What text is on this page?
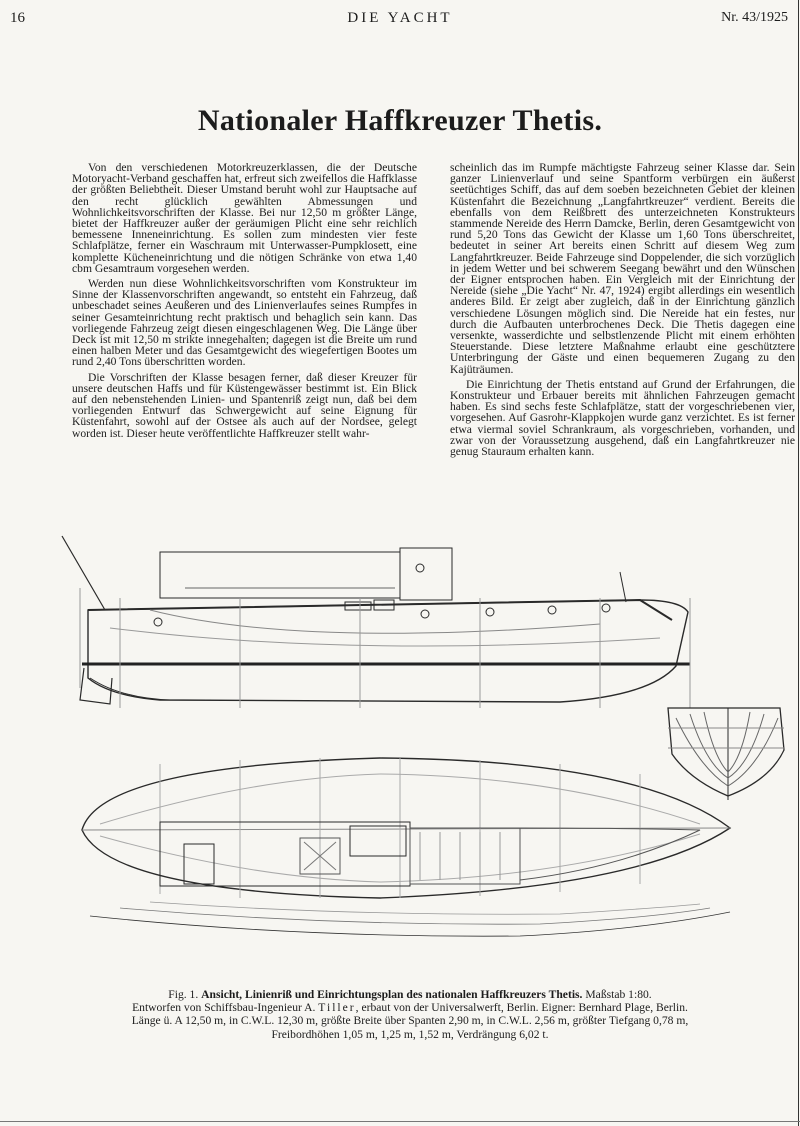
16	DIE YACHT	Nr. 43/1925
Nationaler Haffkreuzer Thetis.

Von den verschiedenen Motorkreuzerklassen, die der Deutsche Motoryacht-Verband geschaffen hat, erfreut sich zweifellos die Haffklasse der größten Beliebtheit. Dieser Umstand beruht wohl zur Hauptsache auf den recht glücklich gewählten Abmessungen und Wohnlichkeitsvorschriften der Klasse. Bei nur 12,50 m größter Länge, bietet der Haffkreuzer außer der geräumigen Plicht eine sehr reichlich bemessene Inneneinrichtung. Es sollen zum mindesten vier feste Schlafplätze, ferner ein Waschraum mit Unterwasser-Pumpklosett, eine komplette Kücheneinrichtung und die nötigen Schränke von etwa 1,40 cbm Gesamtraum vorgesehen werden.

Werden nun diese Wohnlichkeitsvorschriften vom Konstrukteur im Sinne der Klassenvorschriften angewandt, so entsteht ein Fahrzeug, daß unbeschadet seines Aeußeren und des Linienverlaufes seines Rumpfes in seiner Gesamteinrichtung recht praktisch und behaglich sein kann. Das vorliegende Fahrzeug zeigt diesen eingeschlagenen Weg. Die Länge über Deck ist mit 12,50 m strikte innegehalten; dagegen ist die Breite um rund einen halben Meter und das Gesamtgewicht des wiegefertigen Bootes um rund 2,40 Tons überschritten worden.

Die Vorschriften der Klasse besagen ferner, daß dieser Kreuzer für unsere deutschen Haffs und für Küstengewässer bestimmt ist. Ein Blick auf den nebenstehenden Linien- und Spantenriß zeigt nun, daß bei dem vorliegenden Entwurf das Schwergewicht auf seine Eignung für Küstenfahrt, sowohl auf der Ostsee als auch auf der Nordsee, gelegt worden ist. Dieser heute veröffentlichte Haffkreuzer stellt wahr-

scheinlich das im Rumpfe mächtigste Fahrzeug seiner Klasse dar. Sein ganzer Linienverlauf und seine Spantform verbürgen ein äußerst seetüchtiges Schiff, das auf dem soeben bezeichneten Gebiet der kleinen Küstenfahrt die Bezeichnung „Langfahrtkreuzer“ verdient. Bereits die ebenfalls von dem Reißbrett des unterzeichneten Konstrukteurs stammende Nereide des Herrn Damcke, Berlin, deren Gesamtgewicht von rund 5,20 Tons das Gewicht der Klasse um 1,60 Tons überschreitet, bedeutet in seiner Art bereits einen Schritt auf diesem Weg zum Langfahrtkreuzer. Beide Fahrzeuge sind Doppelender, die sich vorzüglich in jedem Wetter und bei schwerem Seegang bewährt und den Wünschen der Eigner entsprochen haben. Ein Vergleich mit der Einrichtung der Nereide (siehe „Die Yacht“ Nr. 47, 1924) ergibt allerdings ein wesentlich anderes Bild. Er zeigt aber zugleich, daß in der Einrichtung gänzlich verschiedene Lösungen möglich sind. Die Nereide hat ein festes, nur durch die Aufbauten unterbrochenes Deck. Die Thetis dagegen eine versenkte, wasserdichte und selbstlenzende Plicht mit einem erhöhten Steuerstande. Diese letztere Maßnahme erlaubt eine geschütztere Unterbringung der Gäste und einen bequemeren Zugang zu den Kajüträumen.

Die Einrichtung der Thetis entstand auf Grund der Erfahrungen, die Konstrukteur und Erbauer bereits mit ähnlichen Fahrzeugen gemacht haben. Es sind sechs feste Schlafplätze, statt der vorgeschriebenen vier, vorgesehen. Auf Gasrohr-Klappkojen wurde ganz verzichtet. Es ist ferner etwa viermal soviel Schrankraum, als vorgeschrieben, vorhanden, und zwar von der Voraussetzung ausgehend, daß ein Langfahrtkreuzer nie genug Stauraum erhalten kann.

Fig. 1. Ansicht, Linienriß und Einrichtungsplan des nationalen Haffkreuzers Thetis. Maßstab 1:80.
Entworfen von Schiffsbau-Ingenieur A. Tiller, erbaut von der Universalwerft, Berlin. Eigner: Bernhard Plage, Berlin.
Länge ü. A 12,50 m, in C.W.L. 12,30 m, größte Breite über Spanten 2,90 m, in C.W.L. 2,56 m, größter Tiefgang 0,78 m,
Freibordhöhen 1,05 m, 1,25 m, 1,52 m, Verdrängung 6,02 t.
